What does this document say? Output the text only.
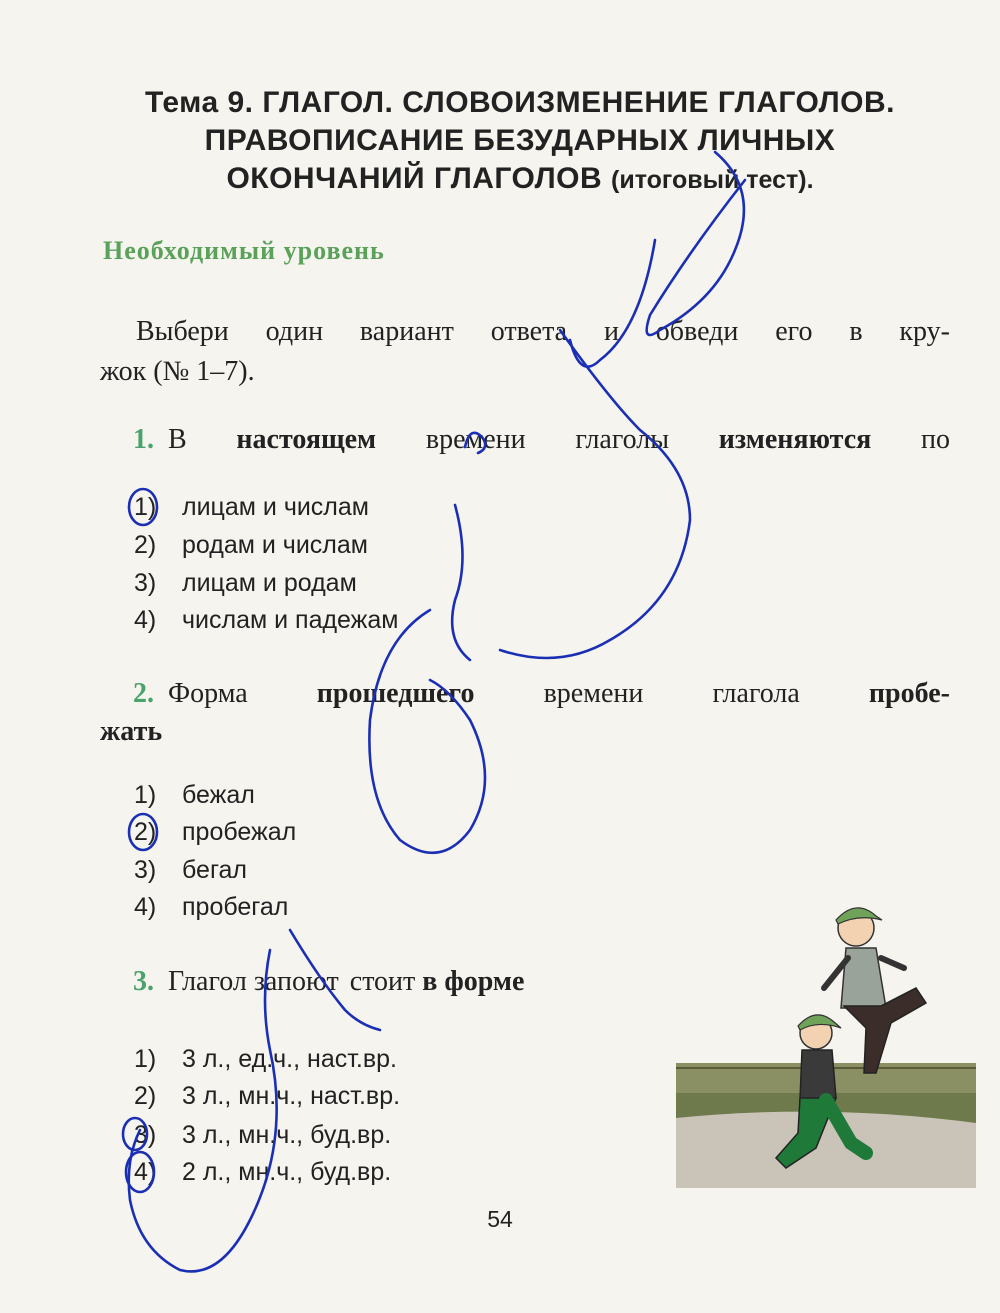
Тема 9. ГЛАГОЛ. СЛОВОИЗМЕНЕНИЕ ГЛАГОЛОВ.
ПРАВОПИСАНИЕ БЕЗУДАРНЫХ ЛИЧНЫХ
ОКОНЧАНИЙ ГЛАГОЛОВ (итоговый тест).
Необходимый уровень
Выбери один вариант ответа и обведи его в кру-
жок (№ 1–7).
1. В настоящем времени глаголы изменяются по
1) лицам и числам
2) родам и числам
3) лицам и родам
4) числам и падежам
2. Форма прошедшего времени глагола пробе-
жать
1) бежал
2) пробежал
3) бегал
4) пробегал
3. Глагол запоют стоит в форме
1) 3 л., ед.ч., наст.вр.
2) 3 л., мн.ч., наст.вр.
3) 3 л., мн.ч., буд.вр.
4) 2 л., мн.ч., буд.вр.
54
